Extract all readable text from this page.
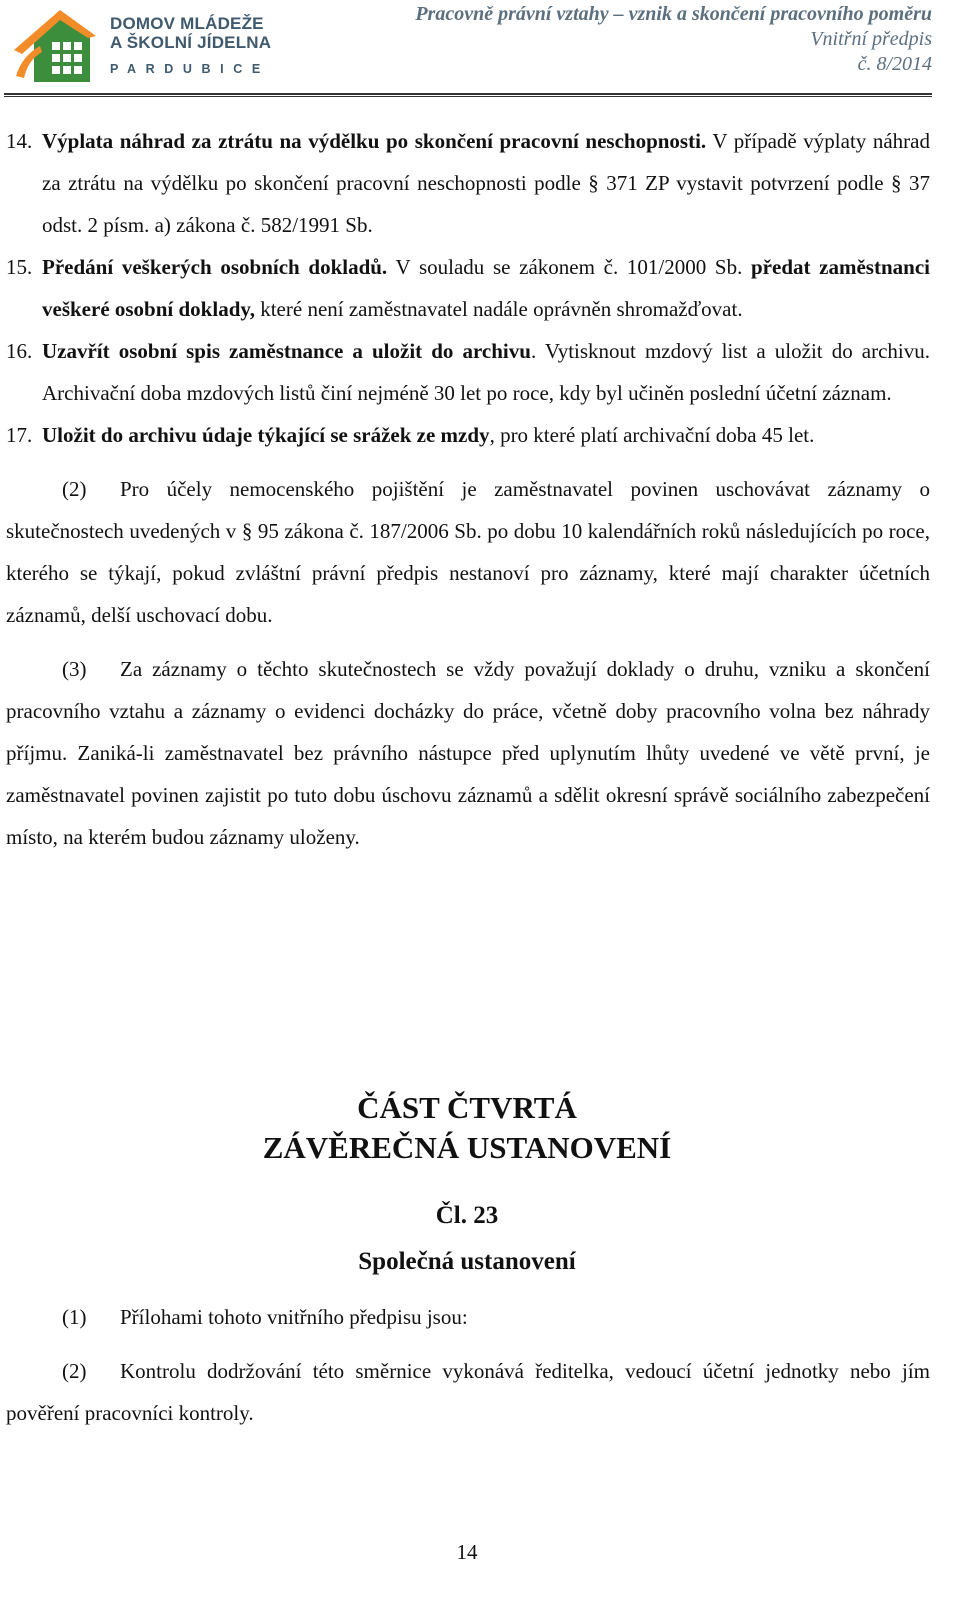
DOMOV MLÁDEŽE
A ŠKOLNÍ JÍDELNA
PARDUBICE
Pracovně právní vztahy – vznik a skončení pracovního poměru
Vnitřní předpis
č. 8/2014
14. Výplata náhrad za ztrátu na výdělku po skončení pracovní neschopnosti. V případě výplaty náhrad za ztrátu na výdělku po skončení pracovní neschopnosti podle § 371 ZP vystavit potvrzení podle § 37 odst. 2 písm. a) zákona č. 582/1991 Sb.
15. Předání veškerých osobních dokladů. V souladu se zákonem č. 101/2000 Sb. předat zaměstnanci veškeré osobní doklady, které není zaměstnavatel nadále oprávněn shromažďovat.
16. Uzavřít osobní spis zaměstnance a uložit do archivu. Vytisknout mzdový list a uložit do archivu. Archivační doba mzdových listů činí nejméně 30 let po roce, kdy byl učiněn poslední účetní záznam.
17. Uložit do archivu údaje týkající se srážek ze mzdy, pro které platí archivační doba 45 let.
(2) Pro účely nemocenského pojištění je zaměstnavatel povinen uschovávat záznamy o skutečnostech uvedených v § 95 zákona č. 187/2006 Sb. po dobu 10 kalendářních roků následujících po roce, kterého se týkají, pokud zvláštní právní předpis nestanoví pro záznamy, které mají charakter účetních záznamů, delší uschovací dobu.
(3) Za záznamy o těchto skutečnostech se vždy považují doklady o druhu, vzniku a skončení pracovního vztahu a záznamy o evidenci docházky do práce, včetně doby pracovního volna bez náhrady příjmu. Zaniká-li zaměstnavatel bez právního nástupce před uplynutím lhůty uvedené ve větě první, je zaměstnavatel povinen zajistit po tuto dobu úschovu záznamů a sdělit okresní správě sociálního zabezpečení místo, na kterém budou záznamy uloženy.
ČÁST ČTVRTÁ
ZÁVĚREČNÁ USTANOVENÍ
Čl. 23
Společná ustanovení
(1) Přílohami tohoto vnitřního předpisu jsou:
(2) Kontrolu dodržování této směrnice vykonává ředitelka, vedoucí účetní jednotky nebo jím pověření pracovníci kontroly.
14
